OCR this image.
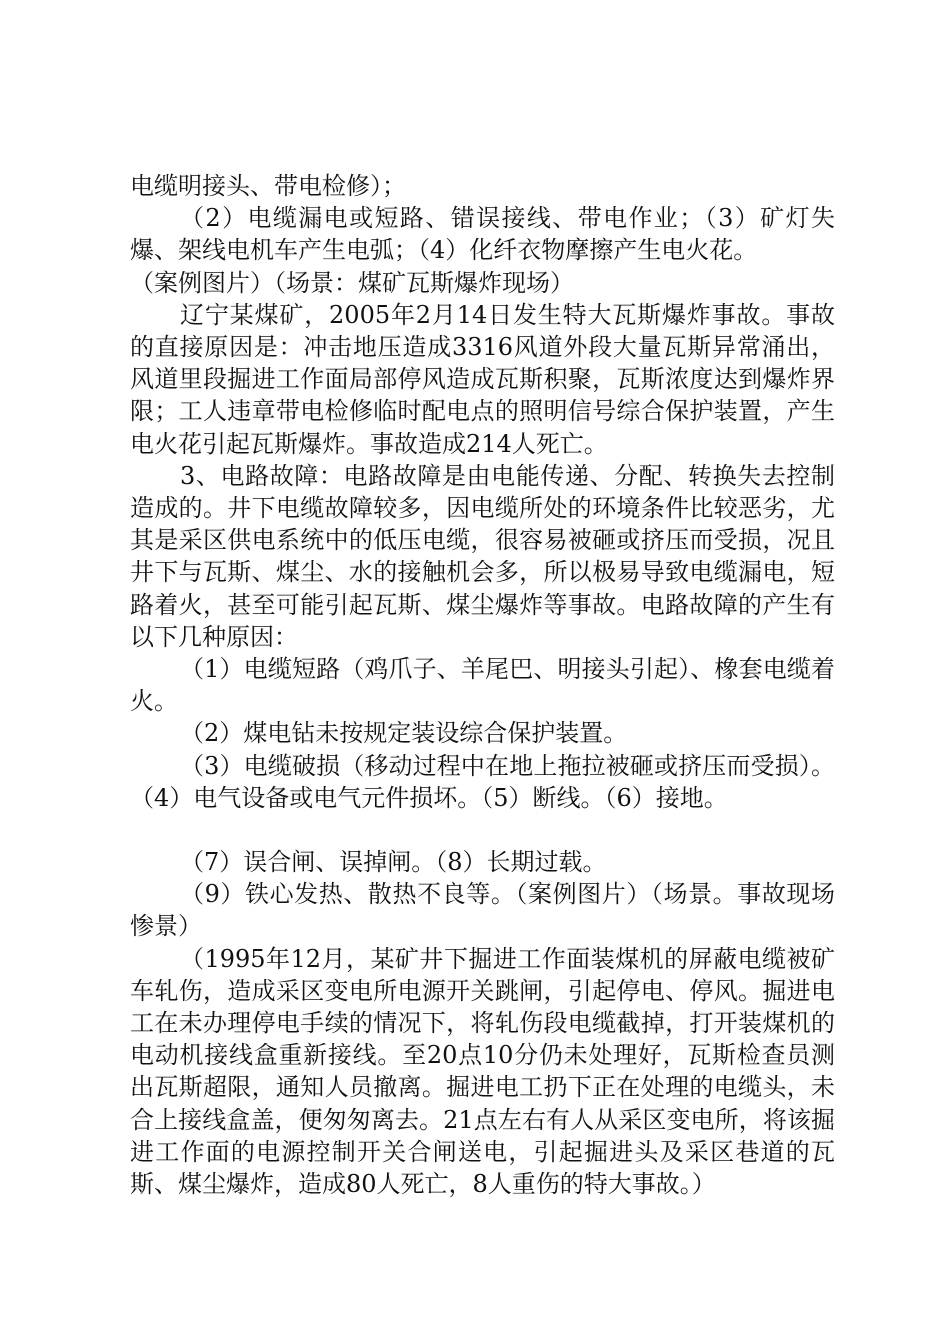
电缆明接头、带电检修）；

（2）电缆漏电或短路、错误接线、带电作业；（3）矿灯失爆、架线电机车产生电弧；（4）化纤衣物摩擦产生电火花。

（案例图片）（场景：煤矿瓦斯爆炸现场）

辽宁某煤矿，2005年2月14日发生特大瓦斯爆炸事故。事故的直接原因是：冲击地压造成3316风道外段大量瓦斯异常涌出，风道里段掘进工作面局部停风造成瓦斯积聚，瓦斯浓度达到爆炸界限；工人违章带电检修临时配电点的照明信号综合保护装置，产生电火花引起瓦斯爆炸。事故造成214人死亡。

3、电路故障：电路故障是由电能传递、分配、转换失去控制造成的。井下电缆故障较多，因电缆所处的环境条件比较恶劣，尤其是采区供电系统中的低压电缆，很容易被砸或挤压而受损，况且井下与瓦斯、煤尘、水的接触机会多，所以极易导致电缆漏电，短路着火，甚至可能引起瓦斯、煤尘爆炸等事故。电路故障的产生有以下几种原因：

（1）电缆短路（鸡爪子、羊尾巴、明接头引起）、橡套电缆着火。

（2）煤电钻未按规定装设综合保护装置。

（3）电缆破损（移动过程中在地上拖拉被砸或挤压而受损）。（4）电气设备或电气元件损坏。（5）断线。（6）接地。

（7）误合闸、误掉闸。（8）长期过载。

（9）铁心发热、散热不良等。（案例图片）（场景。事故现场惨景）

（1995年12月，某矿井下掘进工作面装煤机的屏蔽电缆被矿车轧伤，造成采区变电所电源开关跳闸，引起停电、停风。掘进电工在未办理停电手续的情况下，将轧伤段电缆截掉，打开装煤机的电动机接线盒重新接线。至20点10分仍未处理好，瓦斯检查员测出瓦斯超限，通知人员撤离。掘进电工扔下正在处理的电缆头，未合上接线盒盖，便匆匆离去。21点左右有人从采区变电所，将该掘进工作面的电源控制开关合闸送电，引起掘进头及采区巷道的瓦斯、煤尘爆炸，造成80人死亡，8人重伤的特大事故。）
